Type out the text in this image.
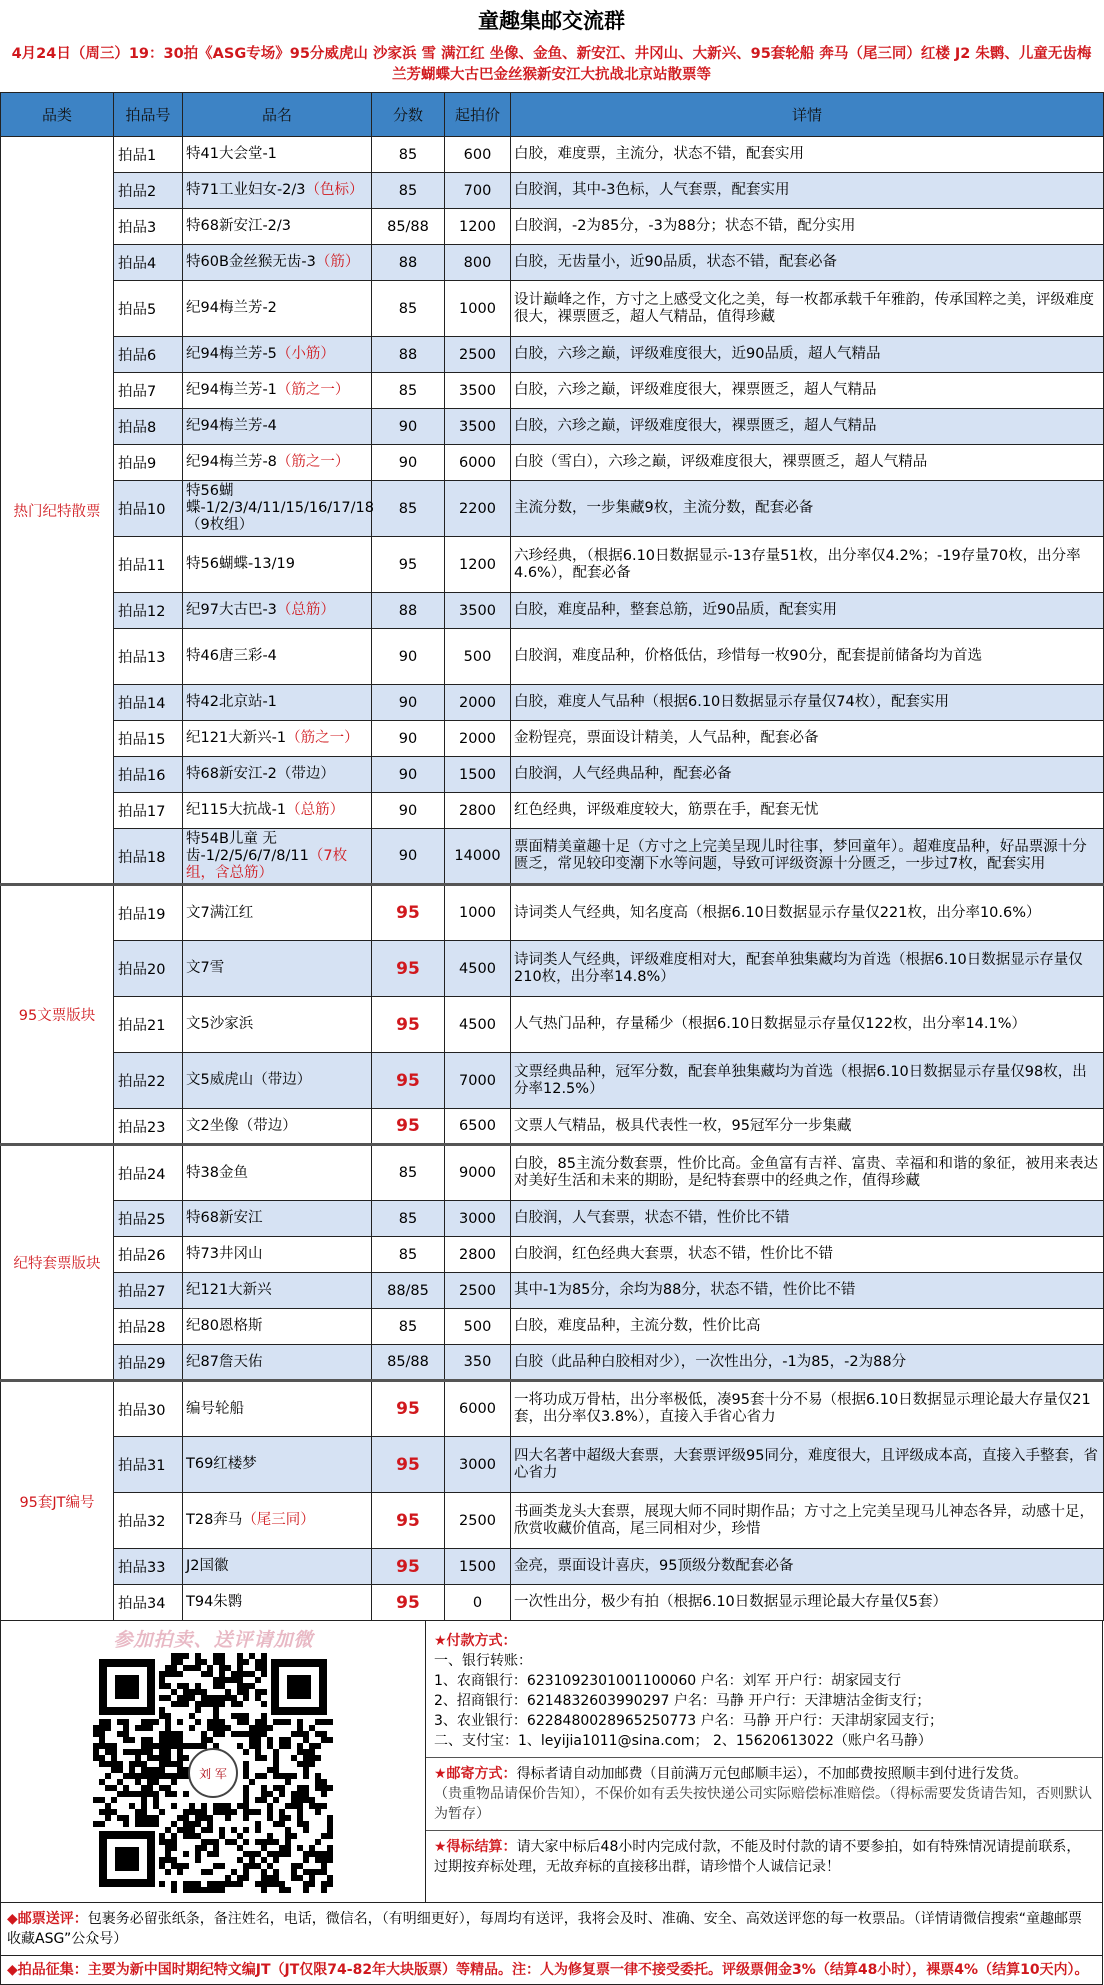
童趣集邮交流群
4月24日（周三）19：30拍《ASG专场》95分威虎山 沙家浜 雪 满江红 坐像、金鱼、新安江、井冈山、大新兴、95套轮船 奔马（尾三同）红楼 J2 朱鹮、儿童无齿梅兰芳蝴蝶大古巴金丝猴新安江大抗战北京站散票等
品类	拍品号	品名	分数	起拍价	详情
热门纪特散票	拍品1	特41大会堂-1	85	600	白胶，难度票，主流分，状态不错，配套实用
	拍品2	特71工业妇女-2/3（色标）	85	700	白胶润，其中-3色标，人气套票，配套实用
	拍品3	特68新安江-2/3	85/88	1200	白胶润，-2为85分，-3为88分；状态不错，配分实用
	拍品4	特60B金丝猴无齿-3（筋）	88	800	白胶，无齿量小，近90品质，状态不错，配套必备
	拍品5	纪94梅兰芳-2	85	1000	设计巅峰之作，方寸之上感受文化之美，每一枚都承载千年雅韵，传承国粹之美，评级难度很大，裸票匮乏，超人气精品，值得珍藏
	拍品6	纪94梅兰芳-5（小筋）	88	2500	白胶，六珍之巅，评级难度很大，近90品质，超人气精品
	拍品7	纪94梅兰芳-1（筋之一）	85	3500	白胶，六珍之巅，评级难度很大，裸票匮乏，超人气精品
	拍品8	纪94梅兰芳-4	90	3500	白胶，六珍之巅，评级难度很大，裸票匮乏，超人气精品
	拍品9	纪94梅兰芳-8（筋之一）	90	6000	白胶（雪白），六珍之巅，评级难度很大，裸票匮乏，超人气精品
	拍品10	特56蝴蝶-1/2/3/4/11/15/16/17/18（9枚组）	85	2200	主流分数，一步集藏9枚，主流分数，配套必备
	拍品11	特56蝴蝶-13/19	95	1200	六珍经典，（根据6.10日数据显示-13存量51枚，出分率仅4.2%；-19存量70枚，出分率4.6%），配套必备
	拍品12	纪97大古巴-3（总筋）	88	3500	白胶，难度品种，整套总筋，近90品质，配套实用
	拍品13	特46唐三彩-4	90	500	白胶润，难度品种，价格低估，珍惜每一枚90分，配套提前储备均为首选
	拍品14	特42北京站-1	90	2000	白胶，难度人气品种（根据6.10日数据显示存量仅74枚），配套实用
	拍品15	纪121大新兴-1（筋之一）	90	2000	金粉锃亮，票面设计精美，人气品种，配套必备
	拍品16	特68新安江-2（带边）	90	1500	白胶润，人气经典品种，配套必备
	拍品17	纪115大抗战-1（总筋）	90	2800	红色经典，评级难度较大，筋票在手，配套无忧
	拍品18	特54B儿童 无齿-1/2/5/6/7/8/11（7枚组，含总筋）	90	14000	票面精美童趣十足（方寸之上完美呈现儿时往事，梦回童年）。超难度品种，好品票源十分匮乏，常见较印变潮下水等问题，导致可评级资源十分匮乏，一步过7枚，配套实用
95文票版块	拍品19	文7满江红	95	1000	诗词类人气经典，知名度高（根据6.10日数据显示存量仅221枚，出分率10.6%）
	拍品20	文7雪	95	4500	诗词类人气经典，评级难度相对大，配套单独集藏均为首选（根据6.10日数据显示存量仅210枚，出分率14.8%）
	拍品21	文5沙家浜	95	4500	人气热门品种，存量稀少（根据6.10日数据显示存量仅122枚，出分率14.1%）
	拍品22	文5威虎山（带边）	95	7000	文票经典品种，冠军分数，配套单独集藏均为首选（根据6.10日数据显示存量仅98枚，出分率12.5%）
	拍品23	文2坐像（带边）	95	6500	文票人气精品，极具代表性一枚，95冠军分一步集藏
纪特套票版块	拍品24	特38金鱼	85	9000	白胶，85主流分数套票，性价比高。金鱼富有吉祥、富贵、幸福和和谐的象征，被用来表达对美好生活和未来的期盼，是纪特套票中的经典之作，值得珍藏
	拍品25	特68新安江	85	3000	白胶润，人气套票，状态不错，性价比不错
	拍品26	特73井冈山	85	2800	白胶润，红色经典大套票，状态不错，性价比不错
	拍品27	纪121大新兴	88/85	2500	其中-1为85分，余均为88分，状态不错，性价比不错
	拍品28	纪80恩格斯	85	500	白胶，难度品种，主流分数，性价比高
	拍品29	纪87詹天佑	85/88	350	白胶（此品种白胶相对少），一次性出分，-1为85，-2为88分
95套JT编号	拍品30	编号轮船	95	6000	一将功成万骨枯，出分率极低，凑95套十分不易（根据6.10日数据显示理论最大存量仅21套，出分率仅3.8%），直接入手省心省力
	拍品31	T69红楼梦	95	3000	四大名著中超级大套票，大套票评级95同分，难度很大，且评级成本高，直接入手整套，省心省力
	拍品32	T28奔马（尾三同）	95	2500	书画类龙头大套票，展现大师不同时期作品；方寸之上完美呈现马儿神态各异，动感十足，欣赏收藏价值高，尾三同相对少，珍惜
	拍品33	J2国徽	95	1500	金亮，票面设计喜庆，95顶级分数配套必备
	拍品34	T94朱鹮	95	0	一次性出分，极少有拍（根据6.10日数据显示理论最大存量仅5套）
参加拍卖、送评请加微
刘 军
★付款方式：
一、银行转账：
1、农商银行：6231092301001100060 户名：刘军 开户行：胡家园支行
2、招商银行：6214832603990297 户名：马静 开户行：天津塘沽金街支行；
3、农业银行：6228480028965250773 户名：马静 开户行：天津胡家园支行；
二、支付宝：1、leyijia1011@sina.com； 2、15620613022（账户名马静）
★邮寄方式：得标者请自动加邮费（目前满万元包邮顺丰运），不加邮费按照顺丰到付进行发货。
（贵重物品请保价告知），不保价如有丢失按快递公司实际赔偿标准赔偿。（得标需要发货请告知，否则默认为暂存）
★得标结算：请大家中标后48小时内完成付款，不能及时付款的请不要参拍，如有特殊情况请提前联系，过期按弃标处理，无故弃标的直接移出群，请珍惜个人诚信记录！
◆邮票送评：包裹务必留张纸条，备注姓名，电话，微信名，（有明细更好），每周均有送评，我将会及时、准确、安全、高效送评您的每一枚票品。（详情请微信搜索“童趣邮票收藏ASG”公众号）
◆拍品征集：主要为新中国时期纪特文编JT（JT仅限74-82年大块版票）等精品。注：人为修复票一律不接受委托。评级票佣金3%（结算48小时），裸票4%（结算10天内）。
